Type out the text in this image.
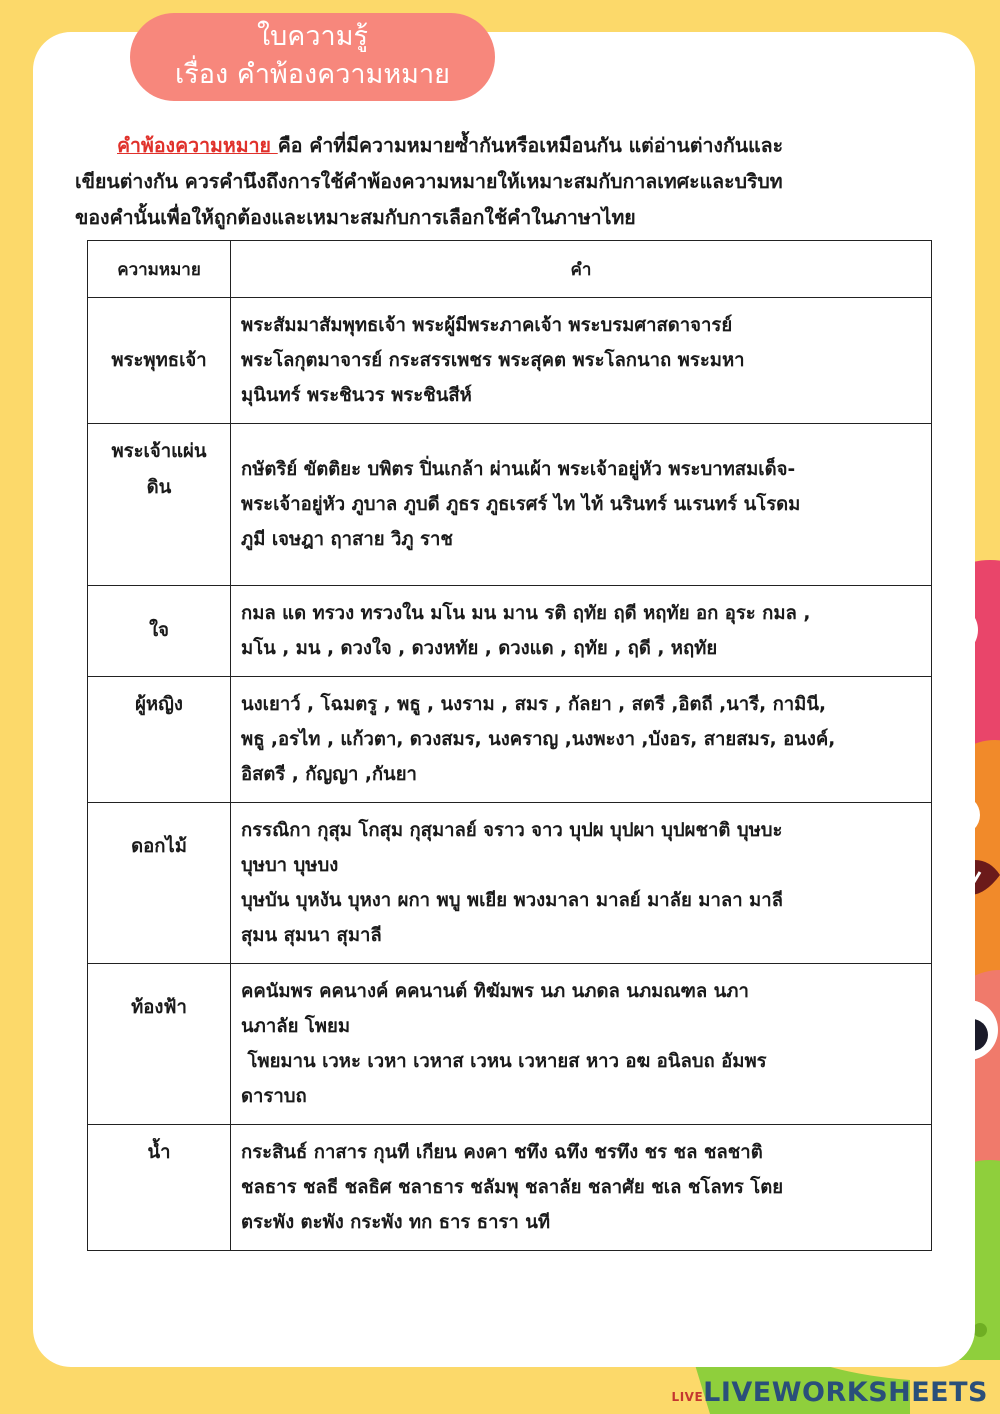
ใบความรู้
เรื่อง คำพ้องความหมาย
คำพ้องความหมาย คือ คำที่มีความหมายซ้ำกันหรือเหมือนกัน แต่อ่านต่างกันและ
เขียนต่างกัน ควรคำนึงถึงการใช้คำพ้องความหมายให้เหมาะสมกับกาลเทศะและบริบท
ของคำนั้นเพื่อให้ถูกต้องและเหมาะสมกับการเลือกใช้คำในภาษาไทย
ความหมาย	คำ

พระพุทธเจ้า	พระสัมมาสัมพุทธเจ้า พระผู้มีพระภาคเจ้า พระบรมศาสดาจารย์
พระโลกุตมาจารย์ กระสรรเพชร พระสุคต พระโลกนาถ พระมหา
มุนินทร์ พระชินวร พระชินสีห์

พระเจ้าแผ่น
ดิน	กษัตริย์ ขัตติยะ บพิตร ปิ่นเกล้า ผ่านเผ้า พระเจ้าอยู่หัว พระบาทสมเด็จ-
พระเจ้าอยู่หัว ภูบาล ภูบดี ภูธร ภูธเรศร์ ไท ไท้ นรินทร์ นเรนทร์ นโรดม
ภูมี เจษฎา ฤาสาย วิภู ราช

ใจ	กมล แด ทรวง ทรวงใน มโน มน มาน รติ ฤทัย ฤดี หฤทัย อก อุระ กมล ,
มโน , มน , ดวงใจ , ดวงหทัย , ดวงแด , ฤทัย , ฤดี , หฤทัย

ผู้หญิง	นงเยาว์ , โฉมตรู , พธู , นงราม , สมร , กัลยา , สตรี ,อิตถี ,นารี, กามินี,
พธู ,อรไท , แก้วตา, ดวงสมร, นงคราญ ,นงพะงา ,บังอร, สายสมร, อนงค์,
อิสตรี , กัญญา ,กันยา

ดอกไม้	กรรณิกา กุสุม โกสุม กุสุมาลย์ จราว จาว บุปผ บุปผา บุปผชาติ บุษบะ
บุษบา บุษบง
บุษบัน บุหงัน บุหงา ผกา พบู พเยีย พวงมาลา มาลย์ มาลัย มาลา มาลี
สุมน สุมนา สุมาลี

ท้องฟ้า	คคนัมพร คคนางค์ คคนานต์ ทิฆัมพร นภ นภดล นภมณฑล นภา
นภาลัย โพยม
โพยมาน เวหะ เวหา เวหาส เวหน เวหายส หาว อฆ อนิลบถ อัมพร
ดาราบถ

น้ำ	กระสินธ์ กาสาร กุนที เกียน คงคา ชทึง ฉทึง ชรทึง ชร ชล ชลชาติ
ชลธาร ชลธี ชลธิศ ชลาธาร ชลัมพุ ชลาลัย ชลาศัย ชเล ชโลทร โตย
ตระพัง ตะพัง กระพัง ทก ธาร ธารา นที
LIVELIVEWORKSHEETS
